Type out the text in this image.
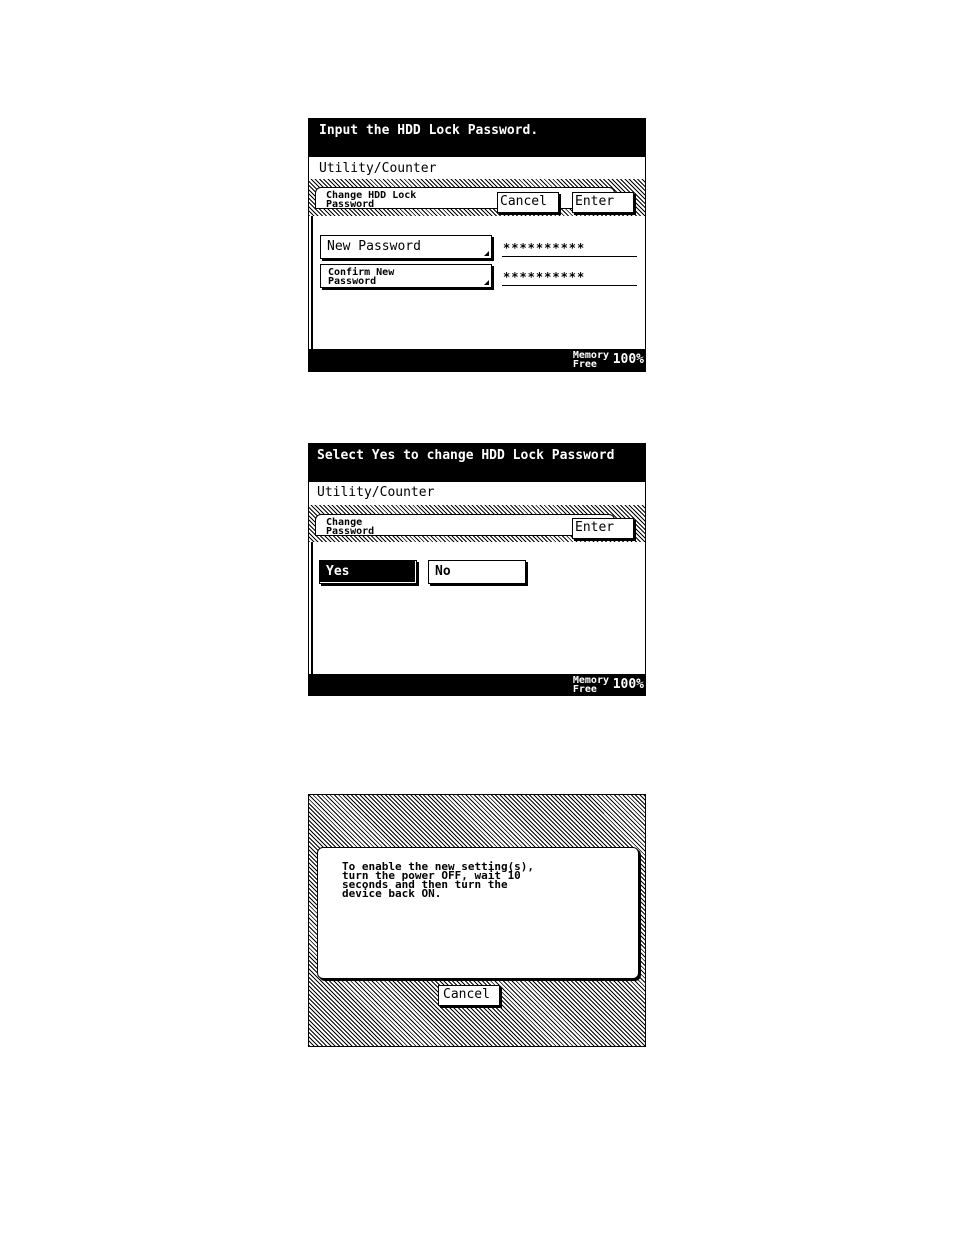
Input the HDD Lock Password.
Utility/Counter
Change HDD Lock
Password	Cancel	Enter
New Password	**********
Confirm New
Password	**********
Memory
Free	100%
Select Yes to change HDD Lock Password
Utility/Counter
Change
Password	Enter
Yes	No
Memory
Free	100%
To enable the new setting(s),
turn the power OFF, wait 10
seconds and then turn the
device back ON.
Cancel
